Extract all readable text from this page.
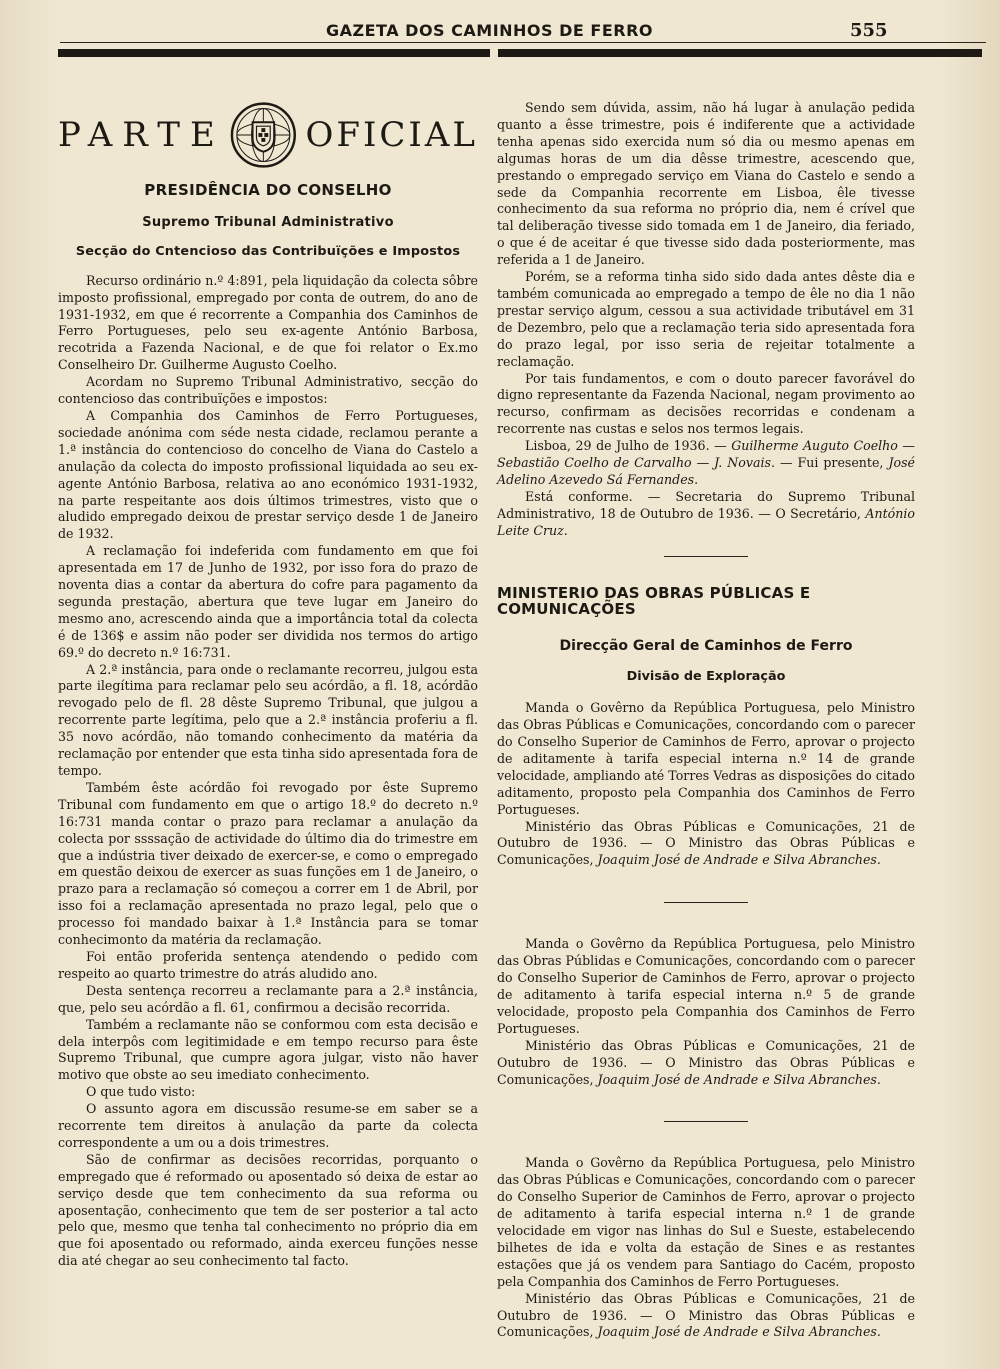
GAZETA DOS CAMINHOS DE FERRO	555
PARTE OFICIAL
PRESIDÊNCIA DO CONSELHO
Supremo Tribunal Administrativo
Secção do Cntencioso das Contribuïções e Impostos

Recurso ordinário n.º 4:891, pela liquidação da colecta sôbre imposto profissional, empregado por conta de outrem, do ano de 1931-1932, em que é recorrente a Companhia dos Caminhos de Ferro Portugueses, pelo seu ex-agente António Barbosa, recotrida a Fazenda Nacional, e de que foi relator o Ex.mo Conselheiro Dr. Guilherme Augusto Coelho.

Acordam no Supremo Tribunal Administrativo, secção do contencioso das contribuïções e impostos:

A Companhia dos Caminhos de Ferro Portugueses, sociedade anónima com séde nesta cidade, reclamou perante a 1.ª instância do contencioso do concelho de Viana do Castelo a anulação da colecta do imposto profissional liquidada ao seu ex-agente António Barbosa, relativa ao ano económico 1931-1932, na parte respeitante aos dois últimos trimestres, visto que o aludido empregado deixou de prestar serviço desde 1 de Janeiro de 1932.

A reclamação foi indeferida com fundamento em que foi apresentada em 17 de Junho de 1932, por isso fora do prazo de noventa dias a contar da abertura do cofre para pagamento da segunda prestação, abertura que teve lugar em Janeiro do mesmo ano, acrescendo ainda que a importância total da colecta é de 136$ e assim não poder ser dividida nos termos do artigo 69.º do decreto n.º 16:731.

A 2.ª instância, para onde o reclamante recorreu, julgou esta parte ilegítima para reclamar pelo seu acórdão, a fl. 18, acórdão revogado pelo de fl. 28 dêste Supremo Tribunal, que julgou a recorrente parte legítima, pelo que a 2.ª instância proferiu a fl. 35 novo acórdão, não tomando conhecimento da matéria da reclamação por entender que esta tinha sido apresentada fora de tempo.

Também êste acórdão foi revogado por êste Supremo Tribunal com fundamento em que o artigo 18.º do decreto n.º 16:731 manda contar o prazo para reclamar a anulação da colecta por ssssação de actividade do último dia do trimestre em que a indústria tiver deixado de exercer-se, e como o empregado em questão deixou de exercer as suas funções em 1 de Janeiro, o prazo para a reclamação só começou a correr em 1 de Abril, por isso foi a reclamação apresentada no prazo legal, pelo que o processo foi mandado baixar à 1.ª Instância para se tomar conhecimonto da matéria da reclamação.

Foi então proferida sentença atendendo o pedido com respeito ao quarto trimestre do atrás aludido ano.

Desta sentença recorreu a reclamante para a 2.ª instância, que, pelo seu acórdão a fl. 61, confirmou a decisão recorrida.

Também a reclamante não se conformou com esta decisão e dela interpôs com legitimidade e em tempo recurso para êste Supremo Tribunal, que cumpre agora julgar, visto não haver motivo que obste ao seu imediato conhecimento.

O que tudo visto:

O assunto agora em discussão resume-se em saber se a recorrente tem direitos à anulação da parte da colecta correspondente a um ou a dois trimestres.

São de confirmar as decisões recorridas, porquanto o empregado que é reformado ou aposentado só deixa de estar ao serviço desde que tem conhecimento da sua reforma ou aposentação, conhecimento que tem de ser posterior a tal acto pelo que, mesmo que tenha tal conhecimento no próprio dia em que foi aposentado ou reformado, ainda exerceu funções nesse dia até chegar ao seu conhecimento tal facto.

Sendo sem dúvida, assim, não há lugar à anulação pedida quanto a êsse trimestre, pois é indiferente que a actividade tenha apenas sido exercida num só dia ou mesmo apenas em algumas horas de um dia dêsse trimestre, acescendo que, prestando o empregado serviço em Viana do Castelo e sendo a sede da Companhia recorrente em Lisboa, êle tivesse conhecimento da sua reforma no próprio dia, nem é crível que tal deliberação tivesse sido tomada em 1 de Janeiro, dia feriado, o que é de aceitar é que tivesse sido dada posteriormente, mas referida a 1 de Janeiro.

Porém, se a reforma tinha sido sido dada antes dêste dia e também comunicada ao empregado a tempo de êle no dia 1 não prestar serviço algum, cessou a sua actividade tributável em 31 de Dezembro, pelo que a reclamação teria sido apresentada fora do prazo legal, por isso seria de rejeitar totalmente a reclamação.

Por tais fundamentos, e com o douto parecer favorável do digno representante da Fazenda Nacional, negam provimento ao recurso, confirmam as decisões recorridas e condenam a recorrente nas custas e selos nos termos legais.

Lisboa, 29 de Julho de 1936. — Guilherme Auguto Coelho — Sebastião Coelho de Carvalho — J. Novais. — Fui presente, José Adelino Azevedo Sá Fernandes.

Está conforme. — Secretaria do Supremo Tribunal Administrativo, 18 de Outubro de 1936. — O Secretário, António Leite Cruz.

MINISTERIO DAS OBRAS PÚBLICAS E COMUNICAÇÕES
Direcção Geral de Caminhos de Ferro
Divisão de Exploração

Manda o Govêrno da República Portuguesa, pelo Ministro das Obras Públicas e Comunicações, concordando com o parecer do Conselho Superior de Caminhos de Ferro, aprovar o projecto de aditamente à tarifa especial interna n.º 14 de grande velocidade, ampliando até Torres Vedras as disposições do citado aditamento, proposto pela Companhia dos Caminhos de Ferro Portugueses.

Ministério das Obras Públicas e Comunicações, 21 de Outubro de 1936. — O Ministro das Obras Públicas e Comunicações, Joaquim José de Andrade e Silva Abranches.

Manda o Govêrno da República Portuguesa, pelo Ministro das Obras Públidas e Comunicações, concordando com o parecer do Conselho Superior de Caminhos de Ferro, aprovar o projecto de aditamento à tarifa especial interna n.º 5 de grande velocidade, proposto pela Companhia dos Caminhos de Ferro Portugueses.

Ministério das Obras Públicas e Comunicações, 21 de Outubro de 1936. — O Ministro das Obras Públicas e Comunicações, Joaquim José de Andrade e Silva Abranches.

Manda o Govêrno da República Portuguesa, pelo Ministro das Obras Públicas e Comunicações, concordando com o parecer do Conselho Superior de Caminhos de Ferro, aprovar o projecto de aditamento à tarifa especial interna n.º 1 de grande velocidade em vigor nas linhas do Sul e Sueste, estabelecendo bilhetes de ida e volta da estação de Sines e as restantes estações que já os vendem para Santiago do Cacém, proposto pela Companhia dos Caminhos de Ferro Portugueses.

Ministério das Obras Públicas e Comunicações, 21 de Outubro de 1936. — O Ministro das Obras Públicas e Comunicações, Joaquim José de Andrade e Silva Abranches.
